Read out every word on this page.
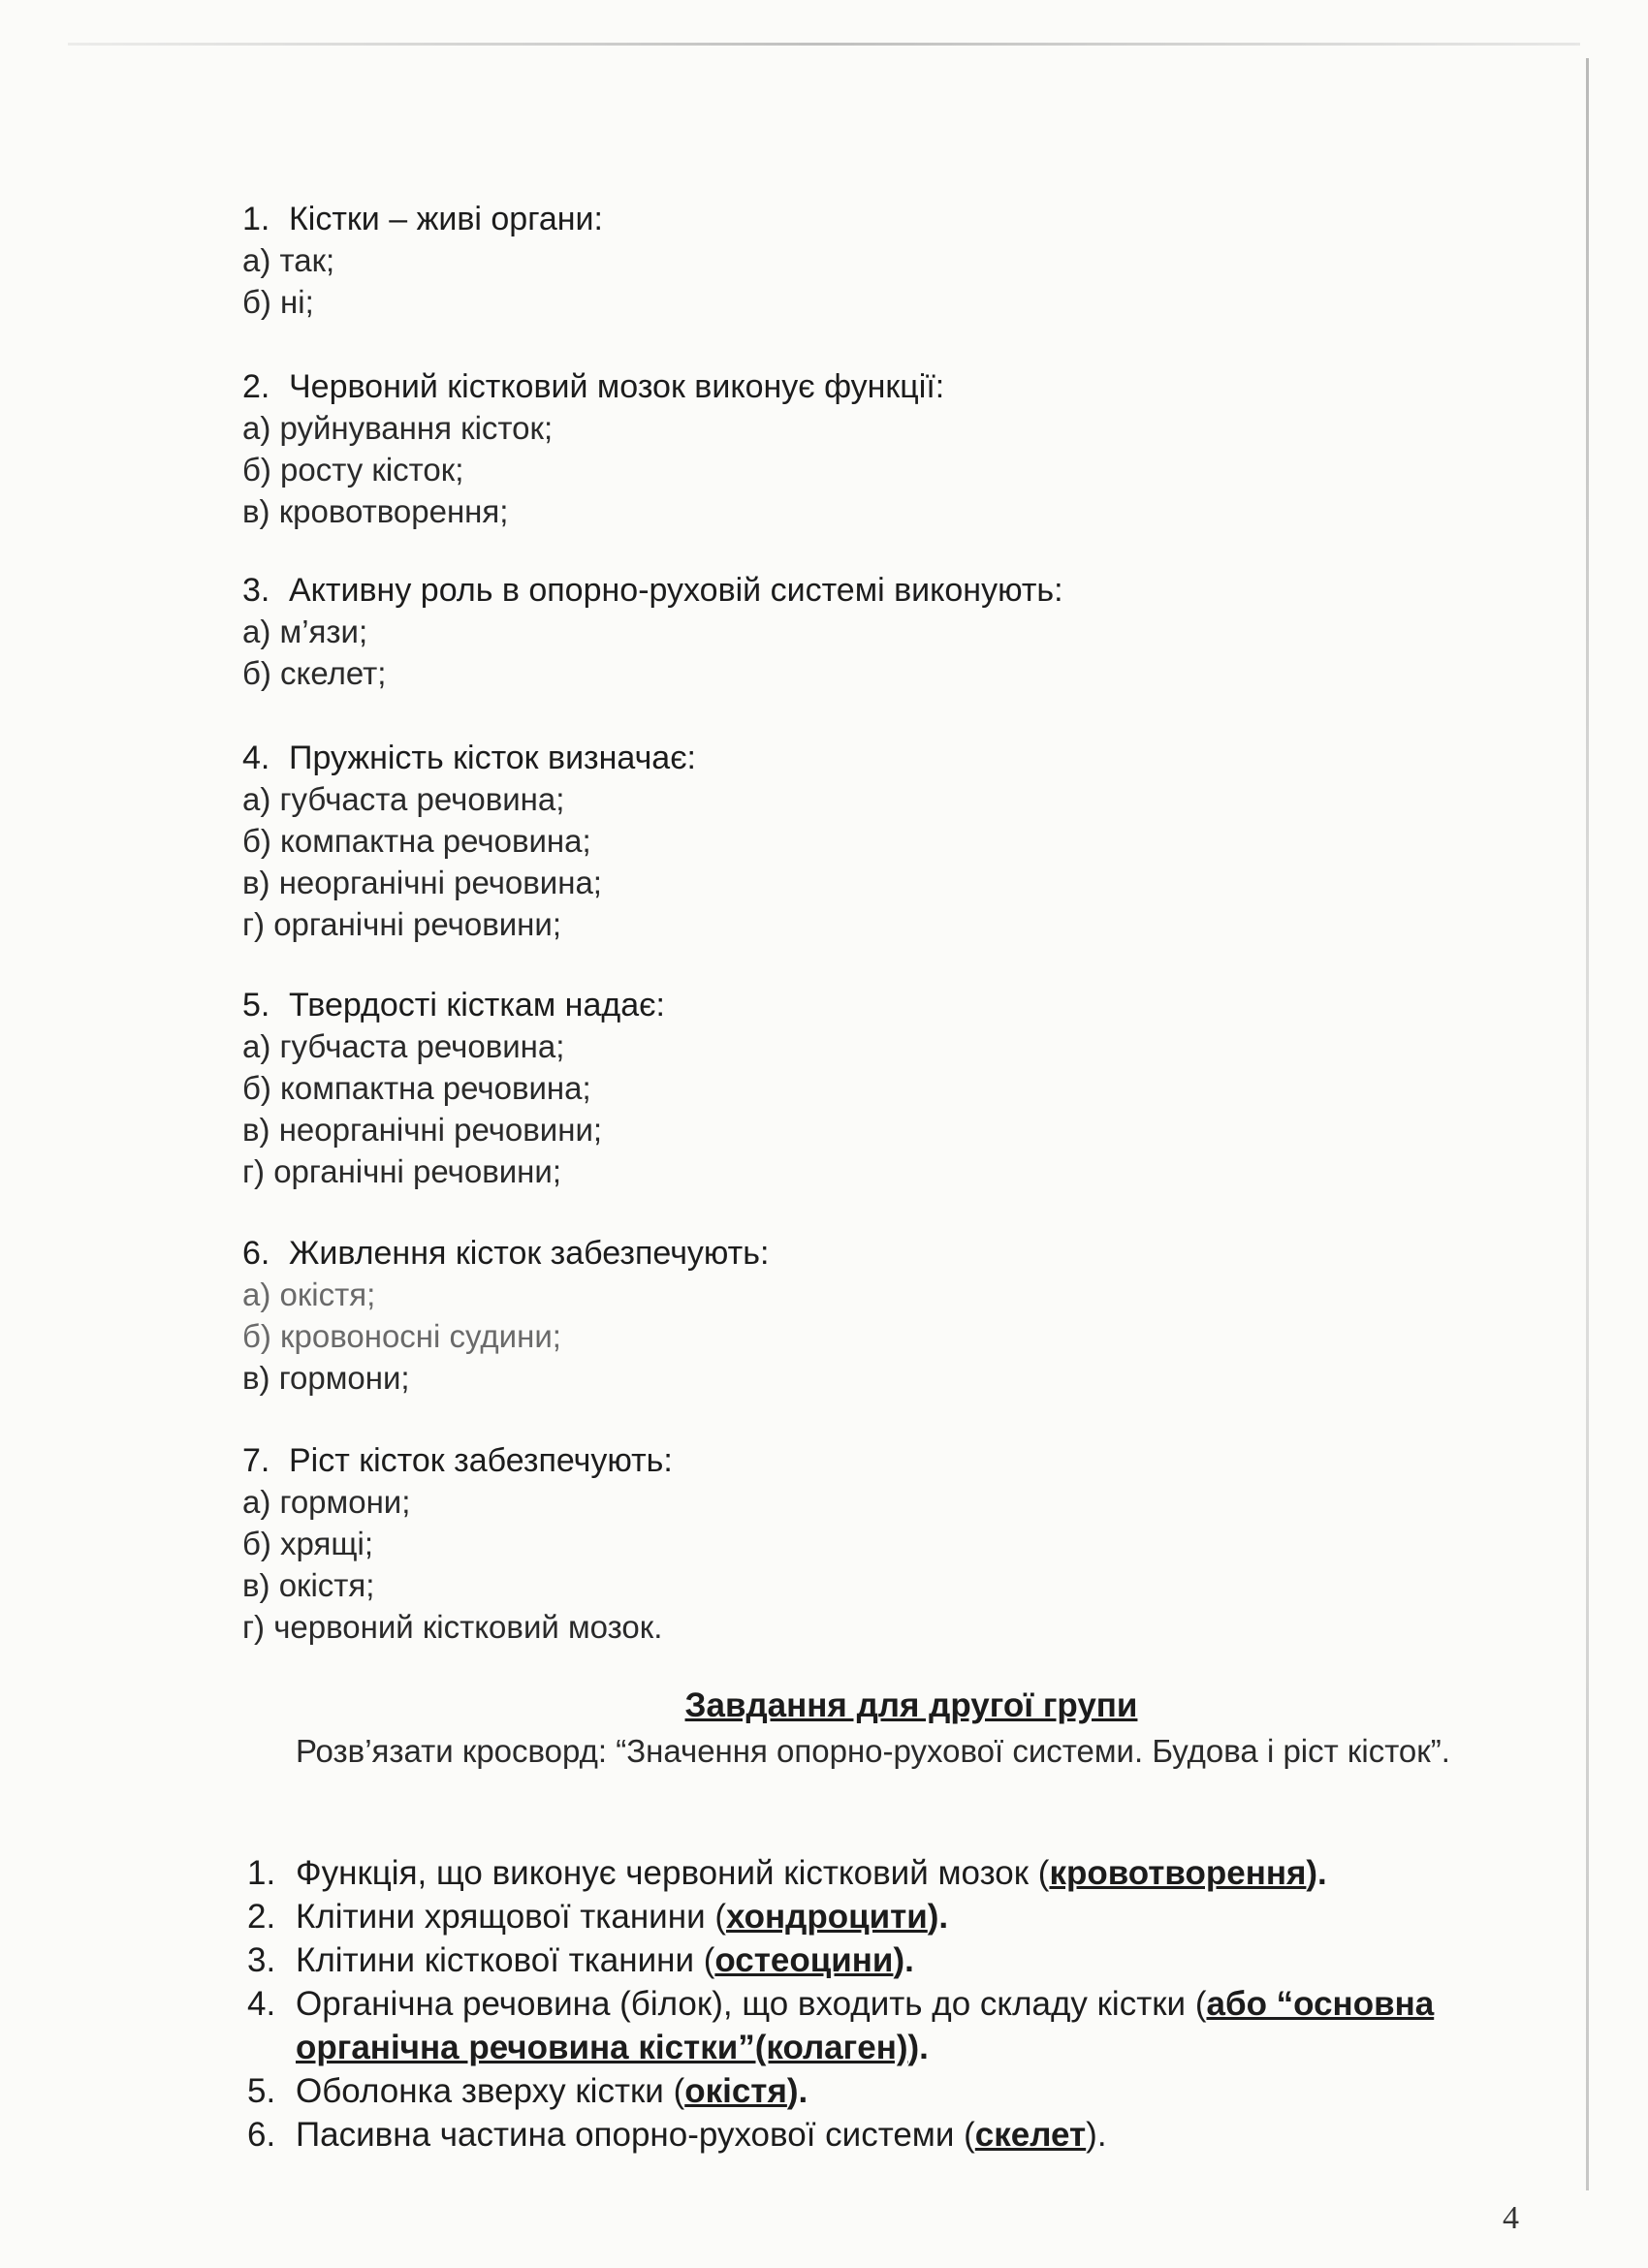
1. Кістки – живі органи:
а) так;
б) ні;
2. Червоний кістковий мозок виконує функції:
а) руйнування кісток;
б) росту кісток;
в) кровотворення;
3. Активну роль в опорно-руховій системі виконують:
а) м’язи;
б) скелет;
4. Пружність кісток визначає:
а) губчаста речовина;
б) компактна речовина;
в) неорганічні речовина;
г) органічні речовини;
5. Твердості кісткам надає:
а) губчаста речовина;
б) компактна речовина;
в) неорганічні речовини;
г) органічні речовини;
6. Живлення кісток забезпечують:
а) окістя;
б) кровоносні судини;
в) гормони;
7. Ріст кісток забезпечують:
а) гормони;
б) хрящі;
в) окістя;
г) червоний кістковий мозок.
Завдання для другої групи
Розв’язати кросворд: “Значення опорно-рухової системи. Будова і ріст кісток”.
1. Функція, що виконує червоний кістковий мозок (кровотворення).
2. Клітини хрящової тканини (хондроцити).
3. Клітини кісткової тканини (остеоцини).
4. Органічна речовина (білок), що входить до складу кістки (або “основна органічна речовина кістки”(колаген)).
5. Оболонка зверху кістки (окістя).
6. Пасивна частина опорно-рухової системи (скелет).
4
